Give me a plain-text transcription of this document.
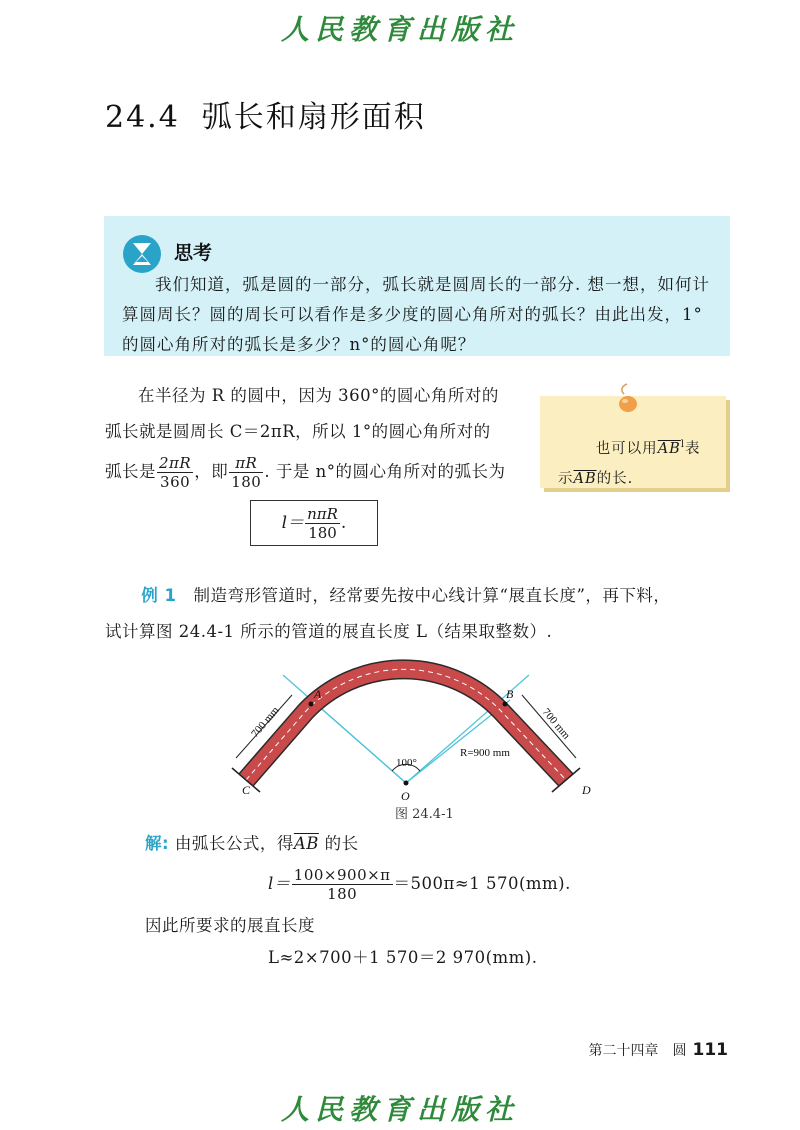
人民教育出版社
24.4 弧长和扇形面积
思考
我们知道，弧是圆的一部分，弧长就是圆周长的一部分. 想一想，如何计算圆周长？圆的周长可以看作是多少度的圆心角所对的弧长？由此出发，1°的圆心角所对的弧长是多少？n°的圆心角呢？
在半径为 R 的圆中，因为 360°的圆心角所对的
弧长就是圆周长 C＝2πR，所以 1°的圆心角所对的
弧长是 $\frac{2\pi R}{360}$ ，即 $\frac{\pi R}{180}$ . 于是 n°的圆心角所对的弧长为
也可以用$\overline{AB}^l$表示$\overline{AB}$的长.
$l= \frac{\text{nπR}}{180}$ .
例 1　 制造弯形管道时，经常要先按中心线计算“展直长度”，再下料，
试计算图 24.4-1 所示的管道的展直长度 L（结果取整数）.
A	B
C	D
O
100°
R=900 mm
700 mm	700 mm
图 24.4-1
解: 由弧长公式，得$\overline{AB}$ 的长
$l= \frac{100\times 900\times\pi}{180} =500\pi\approx 1$ 570(mm).
因此所要求的展直长度
L≈2×700＋1 570＝2 970(mm).
第二十四章　圆 111
人民教育出版社
